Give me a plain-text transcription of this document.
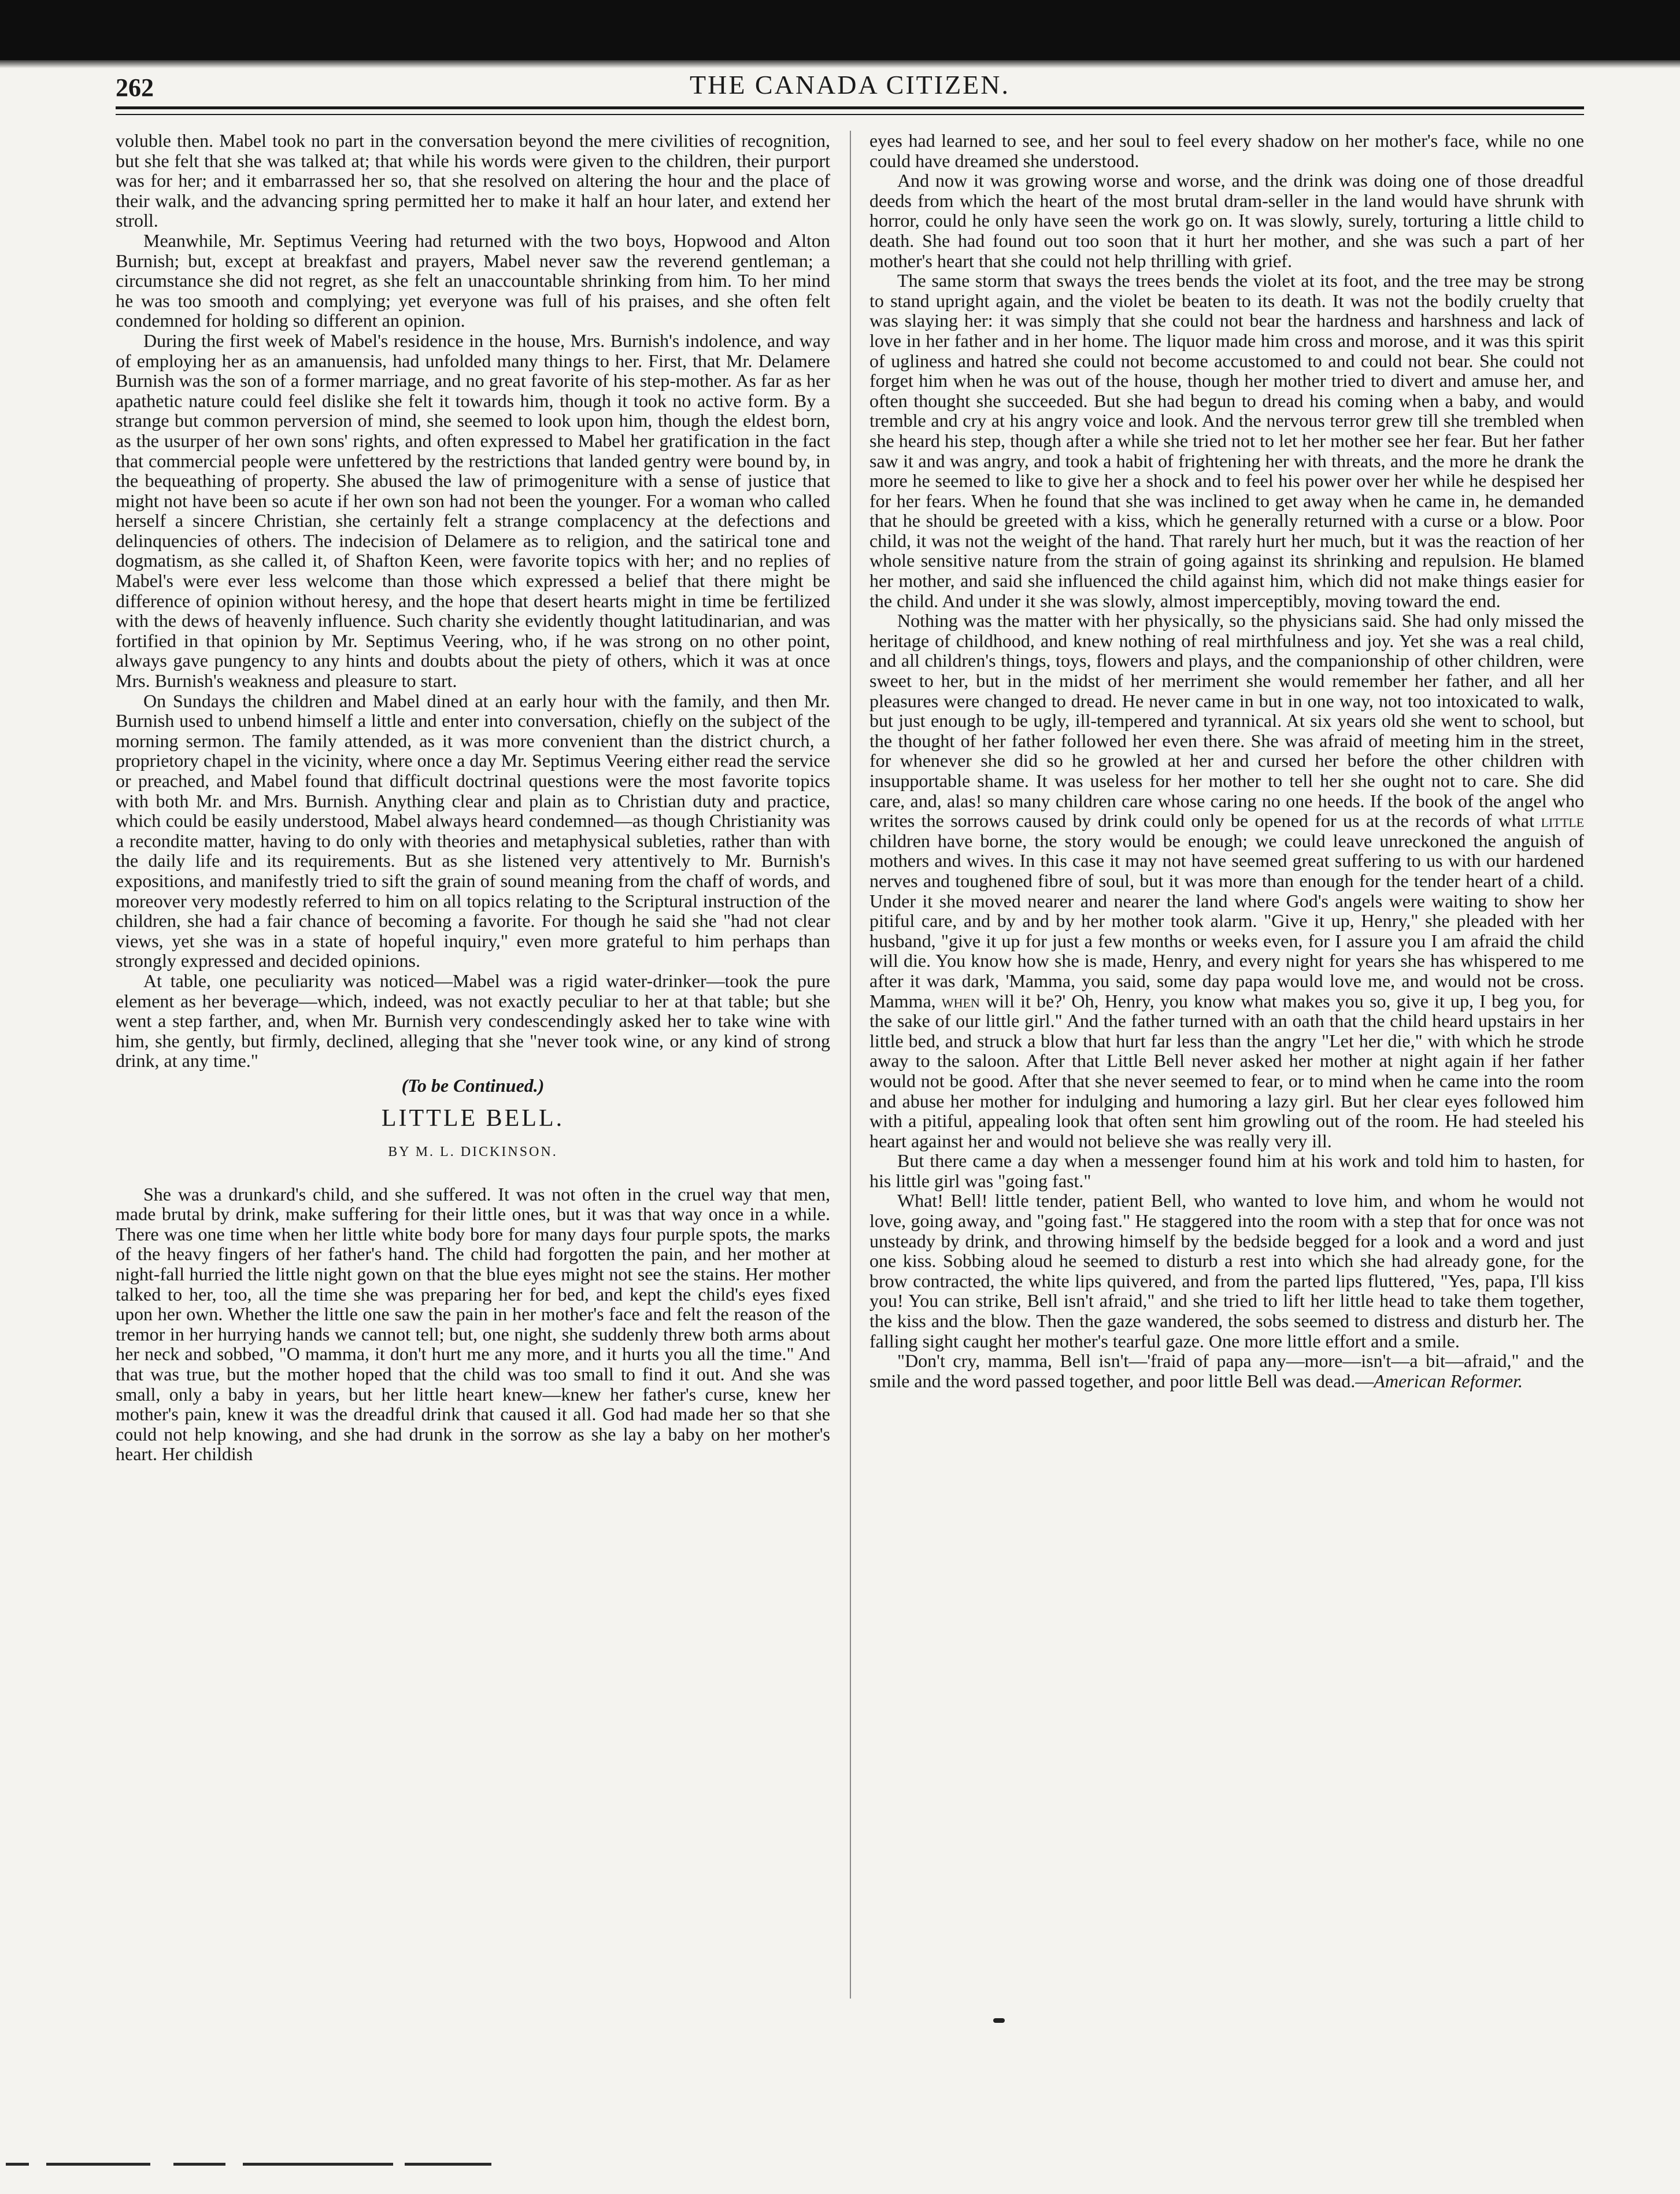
262	THE CANADA CITIZEN.

voluble then. Mabel took no part in the conversation beyond the mere civilities of recognition, but she felt that she was talked at; that while his words were given to the children, their purport was for her; and it embarrassed her so, that she resolved on altering the hour and the place of their walk, and the advancing spring permitted her to make it half an hour later, and extend her stroll.

Meanwhile, Mr. Septimus Veering had returned with the two boys, Hopwood and Alton Burnish; but, except at breakfast and prayers, Mabel never saw the reverend gentleman; a circumstance she did not regret, as she felt an unaccountable shrinking from him. To her mind he was too smooth and complying; yet everyone was full of his praises, and she often felt condemned for holding so different an opinion.

During the first week of Mabel's residence in the house, Mrs. Burnish's indolence, and way of employing her as an amanuensis, had unfolded many things to her. First, that Mr. Delamere Burnish was the son of a former marriage, and no great favorite of his step-mother. As far as her apathetic nature could feel dislike she felt it towards him, though it took no active form. By a strange but common perversion of mind, she seemed to look upon him, though the eldest born, as the usurper of her own sons' rights, and often expressed to Mabel her gratification in the fact that commercial people were unfettered by the restrictions that landed gentry were bound by, in the bequeathing of property. She abused the law of primogeniture with a sense of justice that might not have been so acute if her own son had not been the younger. For a woman who called herself a sincere Christian, she certainly felt a strange complacency at the defections and delinquencies of others. The indecision of Delamere as to religion, and the satirical tone and dogmatism, as she called it, of Shafton Keen, were favorite topics with her; and no replies of Mabel's were ever less welcome than those which expressed a belief that there might be difference of opinion without heresy, and the hope that desert hearts might in time be fertilized with the dews of heavenly influence. Such charity she evidently thought latitudinarian, and was fortified in that opinion by Mr. Septimus Veering, who, if he was strong on no other point, always gave pungency to any hints and doubts about the piety of others, which it was at once Mrs. Burnish's weakness and pleasure to start.

On Sundays the children and Mabel dined at an early hour with the family, and then Mr. Burnish used to unbend himself a little and enter into conversation, chiefly on the subject of the morning sermon. The family attended, as it was more convenient than the district church, a proprietory chapel in the vicinity, where once a day Mr. Septimus Veering either read the service or preached, and Mabel found that difficult doctrinal questions were the most favorite topics with both Mr. and Mrs. Burnish. Anything clear and plain as to Christian duty and practice, which could be easily understood, Mabel always heard condemned—as though Christianity was a recondite matter, having to do only with theories and metaphysical subleties, rather than with the daily life and its requirements. But as she listened very attentively to Mr. Burnish's expositions, and manifestly tried to sift the grain of sound meaning from the chaff of words, and moreover very modestly referred to him on all topics relating to the Scriptural instruction of the children, she had a fair chance of becoming a favorite. For though he said she "had not clear views, yet she was in a state of hopeful inquiry," even more grateful to him perhaps than strongly expressed and decided opinions.

At table, one peculiarity was noticed—Mabel was a rigid water-drinker—took the pure element as her beverage—which, indeed, was not exactly peculiar to her at that table; but she went a step farther, and, when Mr. Burnish very condescendingly asked her to take wine with him, she gently, but firmly, declined, alleging that she "never took wine, or any kind of strong drink, at any time."

(To be Continued.)
LITTLE BELL.
BY M. L. DICKINSON.

She was a drunkard's child, and she suffered. It was not often in the cruel way that men, made brutal by drink, make suffering for their little ones, but it was that way once in a while. There was one time when her little white body bore for many days four purple spots, the marks of the heavy fingers of her father's hand. The child had forgotten the pain, and her mother at night-fall hurried the little night gown on that the blue eyes might not see the stains. Her mother talked to her, too, all the time she was preparing her for bed, and kept the child's eyes fixed upon her own. Whether the little one saw the pain in her mother's face and felt the reason of the tremor in her hurrying hands we cannot tell; but, one night, she suddenly threw both arms about her neck and sobbed, "O mamma, it don't hurt me any more, and it hurts you all the time." And that was true, but the mother hoped that the child was too small to find it out. And she was small, only a baby in years, but her little heart knew—knew her father's curse, knew her mother's pain, knew it was the dreadful drink that caused it all. God had made her so that she could not help knowing, and she had drunk in the sorrow as she lay a baby on her mother's heart. Her childish

eyes had learned to see, and her soul to feel every shadow on her mother's face, while no one could have dreamed she understood.

And now it was growing worse and worse, and the drink was doing one of those dreadful deeds from which the heart of the most brutal dram-seller in the land would have shrunk with horror, could he only have seen the work go on. It was slowly, surely, torturing a little child to death. She had found out too soon that it hurt her mother, and she was such a part of her mother's heart that she could not help thrilling with grief.

The same storm that sways the trees bends the violet at its foot, and the tree may be strong to stand upright again, and the violet be beaten to its death. It was not the bodily cruelty that was slaying her: it was simply that she could not bear the hardness and harshness and lack of love in her father and in her home. The liquor made him cross and morose, and it was this spirit of ugliness and hatred she could not become accustomed to and could not bear. She could not forget him when he was out of the house, though her mother tried to divert and amuse her, and often thought she succeeded. But she had begun to dread his coming when a baby, and would tremble and cry at his angry voice and look. And the nervous terror grew till she trembled when she heard his step, though after a while she tried not to let her mother see her fear. But her father saw it and was angry, and took a habit of frightening her with threats, and the more he drank the more he seemed to like to give her a shock and to feel his power over her while he despised her for her fears. When he found that she was inclined to get away when he came in, he demanded that he should be greeted with a kiss, which he generally returned with a curse or a blow. Poor child, it was not the weight of the hand. That rarely hurt her much, but it was the reaction of her whole sensitive nature from the strain of going against its shrinking and repulsion. He blamed her mother, and said she influenced the child against him, which did not make things easier for the child. And under it she was slowly, almost imperceptibly, moving toward the end.

Nothing was the matter with her physically, so the physicians said. She had only missed the heritage of childhood, and knew nothing of real mirthfulness and joy. Yet she was a real child, and all children's things, toys, flowers and plays, and the companionship of other children, were sweet to her, but in the midst of her merriment she would remember her father, and all her pleasures were changed to dread. He never came in but in one way, not too intoxicated to walk, but just enough to be ugly, ill-tempered and tyrannical. At six years old she went to school, but the thought of her father followed her even there. She was afraid of meeting him in the street, for whenever she did so he growled at her and cursed her before the other children with insupportable shame. It was useless for her mother to tell her she ought not to care. She did care, and, alas! so many children care whose caring no one heeds. If the book of the angel who writes the sorrows caused by drink could only be opened for us at the records of what little children have borne, the story would be enough; we could leave unreckoned the anguish of mothers and wives. In this case it may not have seemed great suffering to us with our hardened nerves and toughened fibre of soul, but it was more than enough for the tender heart of a child. Under it she moved nearer and nearer the land where God's angels were waiting to show her pitiful care, and by and by her mother took alarm. "Give it up, Henry," she pleaded with her husband, "give it up for just a few months or weeks even, for I assure you I am afraid the child will die. You know how she is made, Henry, and every night for years she has whispered to me after it was dark, 'Mamma, you said, some day papa would love me, and would not be cross. Mamma, when will it be?' Oh, Henry, you know what makes you so, give it up, I beg you, for the sake of our little girl." And the father turned with an oath that the child heard upstairs in her little bed, and struck a blow that hurt far less than the angry "Let her die," with which he strode away to the saloon. After that Little Bell never asked her mother at night again if her father would not be good. After that she never seemed to fear, or to mind when he came into the room and abuse her mother for indulging and humoring a lazy girl. But her clear eyes followed him with a pitiful, appealing look that often sent him growling out of the room. He had steeled his heart against her and would not believe she was really very ill.

But there came a day when a messenger found him at his work and told him to hasten, for his little girl was "going fast."

What! Bell! little tender, patient Bell, who wanted to love him, and whom he would not love, going away, and "going fast." He staggered into the room with a step that for once was not unsteady by drink, and throwing himself by the bedside begged for a look and a word and just one kiss. Sobbing aloud he seemed to disturb a rest into which she had already gone, for the brow contracted, the white lips quivered, and from the parted lips fluttered, "Yes, papa, I'll kiss you! You can strike, Bell isn't afraid," and she tried to lift her little head to take them together, the kiss and the blow. Then the gaze wandered, the sobs seemed to distress and disturb her. The falling sight caught her mother's tearful gaze. One more little effort and a smile.

"Don't cry, mamma, Bell isn't—'fraid of papa any—more—isn't—a bit—afraid," and the smile and the word passed together, and poor little Bell was dead.—American Reformer.
